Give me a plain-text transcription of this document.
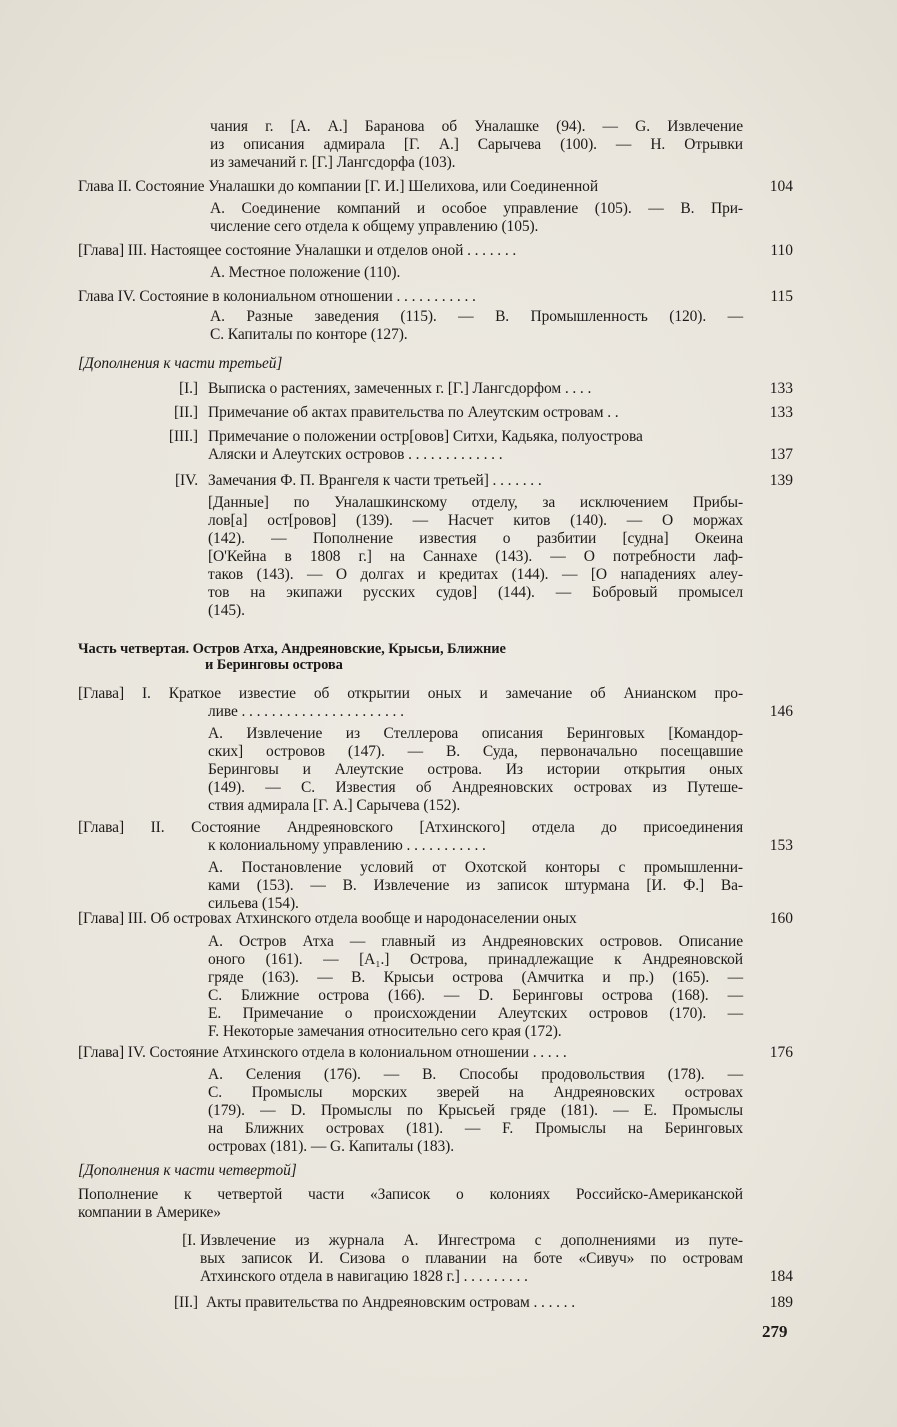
чания г. [А. А.] Баранова об Уналашке (94). — G. Извлечение
из описания адмирала [Г. А.] Сарычева (100). — Н. Отрывки
из замечаний г. [Г.] Лангсдорфа (103).
Глава II. Состояние Уналашки до компании [Г. И.] Шелихова, или Соединенной	104
А. Соединение компаний и особое управление (105). — В. При-
числение сего отдела к общему управлению (105).
[Глава] III. Настоящее состояние Уналашки и отделов оной . . . . . . .	110
А. Местное положение (110).
Глава IV. Состояние в колониальном отношении . . . . . . . . . . .	115
А. Разные заведения (115). — В. Промышленность (120). —
С. Капиталы по конторе (127).
[Дополнения к части третьей]
[I.] Выписка о растениях, замеченных г. [Г.] Лангсдорфом . . . .	133
[II.] Примечание об актах правительства по Алеутским островам . .	133
[III.] Примечание о положении остр[овов] Ситхи, Кадьяка, полуострова
Аляски и Алеутских островов . . . . . . . . . . . . .	137
[IV. Замечания Ф. П. Врангеля к части третьей] . . . . . . .	139
[Данные] по Уналашкинскому отделу, за исключением Прибы-
лов[а] ост[ровов] (139). — Насчет китов (140). — О моржах
(142). — Пополнение известия о разбитии [судна] Океина
[О'Кейна в 1808 г.] на Саннахе (143). — О потребности лаф-
таков (143). — О долгах и кредитах (144). — [О нападениях алеу-
тов на экипажи русских судов] (144). — Бобровый промысел
(145).
Часть четвертая. Остров Атха, Андреяновские, Крысьи, Ближние
и Беринговы острова
[Глава] I. Краткое известие об открытии оных и замечание об Анианском про-
ливе . . . . . . . . . . . . . . . . . . . . . .	146
А. Извлечение из Стеллерова описания Беринговых [Командор-
ских] островов (147). — В. Суда, первоначально посещавшие
Беринговы и Алеутские острова. Из истории открытия оных
(149). — С. Известия об Андреяновских островах из Путеше-
ствия адмирала [Г. А.] Сарычева (152).
[Глава] II. Состояние Андреяновского [Атхинского] отдела до присоединения
к колониальному управлению . . . . . . . . . . .	153
А. Постановление условий от Охотской конторы с промышленни-
ками (153). — В. Извлечение из записок штурмана [И. Ф.] Ва-
сильева (154).
[Глава] III. Об островах Атхинского отдела вообще и народонаселении оных	160
А. Остров Атха — главный из Андреяновских островов. Описание
оного (161). — [А₁.] Острова, принадлежащие к Андреяновской
гряде (163). — В. Крысьи острова (Амчитка и пр.) (165). —
С. Ближние острова (166). — D. Беринговы острова (168). —
Е. Примечание о происхождении Алеутских островов (170). —
F. Некоторые замечания относительно сего края (172).
[Глава] IV. Состояние Атхинского отдела в колониальном отношении . . . . .	176
А. Селения (176). — В. Способы продовольствия (178). —
С. Промыслы морских зверей на Андреяновских островах
(179). — D. Промыслы по Крысьей гряде (181). — Е. Промыслы
на Ближних островах (181). — F. Промыслы на Беринговых
островах (181). — G. Капиталы (183).
[Дополнения к части четвертой]
Пополнение к четвертой части «Записок о колониях Российско-Американской
компании в Америке»
[I. Извлечение из журнала А. Ингестрома с дополнениями из путе-
вых записок И. Сизова о плавании на боте «Сивуч» по островам
Атхинского отдела в навигацию 1828 г.] . . . . . . . . .	184
[II.] Акты правительства по Андреяновским островам . . . . . .	189
279
